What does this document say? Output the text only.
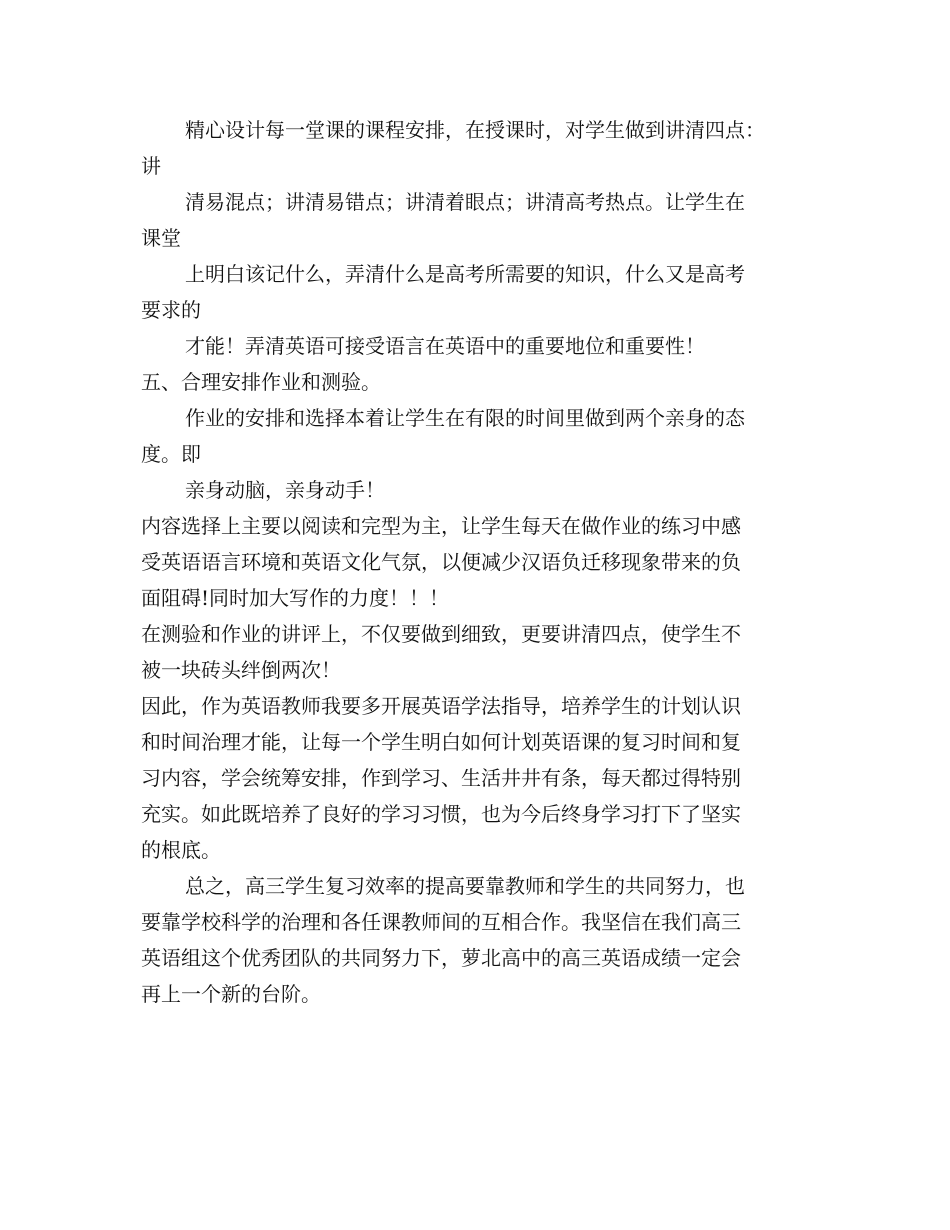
精心设计每一堂课的课程安排，在授课时，对学生做到讲清四点：
讲
清易混点；讲清易错点；讲清着眼点；讲清高考热点。让学生在
课堂
上明白该记什么，弄清什么是高考所需要的知识，什么又是高考
要求的
才能！弄清英语可接受语言在英语中的重要地位和重要性！
五、合理安排作业和测验。
作业的安排和选择本着让学生在有限的时间里做到两个亲身的态
度。即
亲身动脑，亲身动手！
内容选择上主要以阅读和完型为主，让学生每天在做作业的练习中感
受英语语言环境和英语文化气氛，以便减少汉语负迁移现象带来的负
面阻碍!同时加大写作的力度！！！
在测验和作业的讲评上，不仅要做到细致，更要讲清四点，使学生不
被一块砖头绊倒两次！
因此，作为英语教师我要多开展英语学法指导，培养学生的计划认识
和时间治理才能，让每一个学生明白如何计划英语课的复习时间和复
习内容，学会统筹安排，作到学习、生活井井有条，每天都过得特别
充实。如此既培养了良好的学习习惯，也为今后终身学习打下了坚实
的根底。
总之，高三学生复习效率的提高要靠教师和学生的共同努力，也
要靠学校科学的治理和各任课教师间的互相合作。我坚信在我们高三
英语组这个优秀团队的共同努力下，萝北高中的高三英语成绩一定会
再上一个新的台阶。
